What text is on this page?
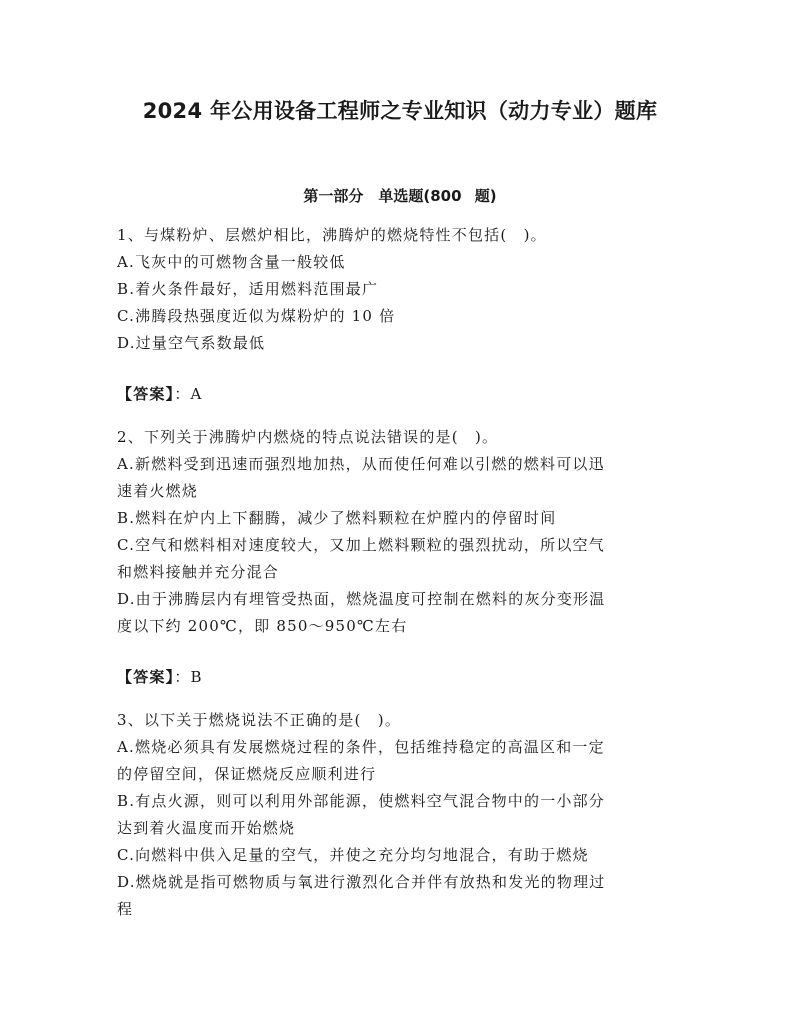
2024 年公用设备工程师之专业知识（动力专业）题库
第一部分　单选题(800 题)
1、与煤粉炉、层燃炉相比，沸腾炉的燃烧特性不包括(　)。
A.飞灰中的可燃物含量一般较低
B.着火条件最好，适用燃料范围最广
C.沸腾段热强度近似为煤粉炉的 10 倍
D.过量空气系数最低
【答案】：A
2、下列关于沸腾炉内燃烧的特点说法错误的是(　)。
A.新燃料受到迅速而强烈地加热，从而使任何难以引燃的燃料可以迅
速着火燃烧
B.燃料在炉内上下翻腾，减少了燃料颗粒在炉膛内的停留时间
C.空气和燃料相对速度较大，又加上燃料颗粒的强烈扰动，所以空气
和燃料接触并充分混合
D.由于沸腾层内有埋管受热面，燃烧温度可控制在燃料的灰分变形温
度以下约 200℃，即 850～950℃左右
【答案】：B
3、以下关于燃烧说法不正确的是(　)。
A.燃烧必须具有发展燃烧过程的条件，包括维持稳定的高温区和一定
的停留空间，保证燃烧反应顺利进行
B.有点火源，则可以利用外部能源，使燃料空气混合物中的一小部分
达到着火温度而开始燃烧
C.向燃料中供入足量的空气，并使之充分均匀地混合，有助于燃烧
D.燃烧就是指可燃物质与氧进行激烈化合并伴有放热和发光的物理过
程
